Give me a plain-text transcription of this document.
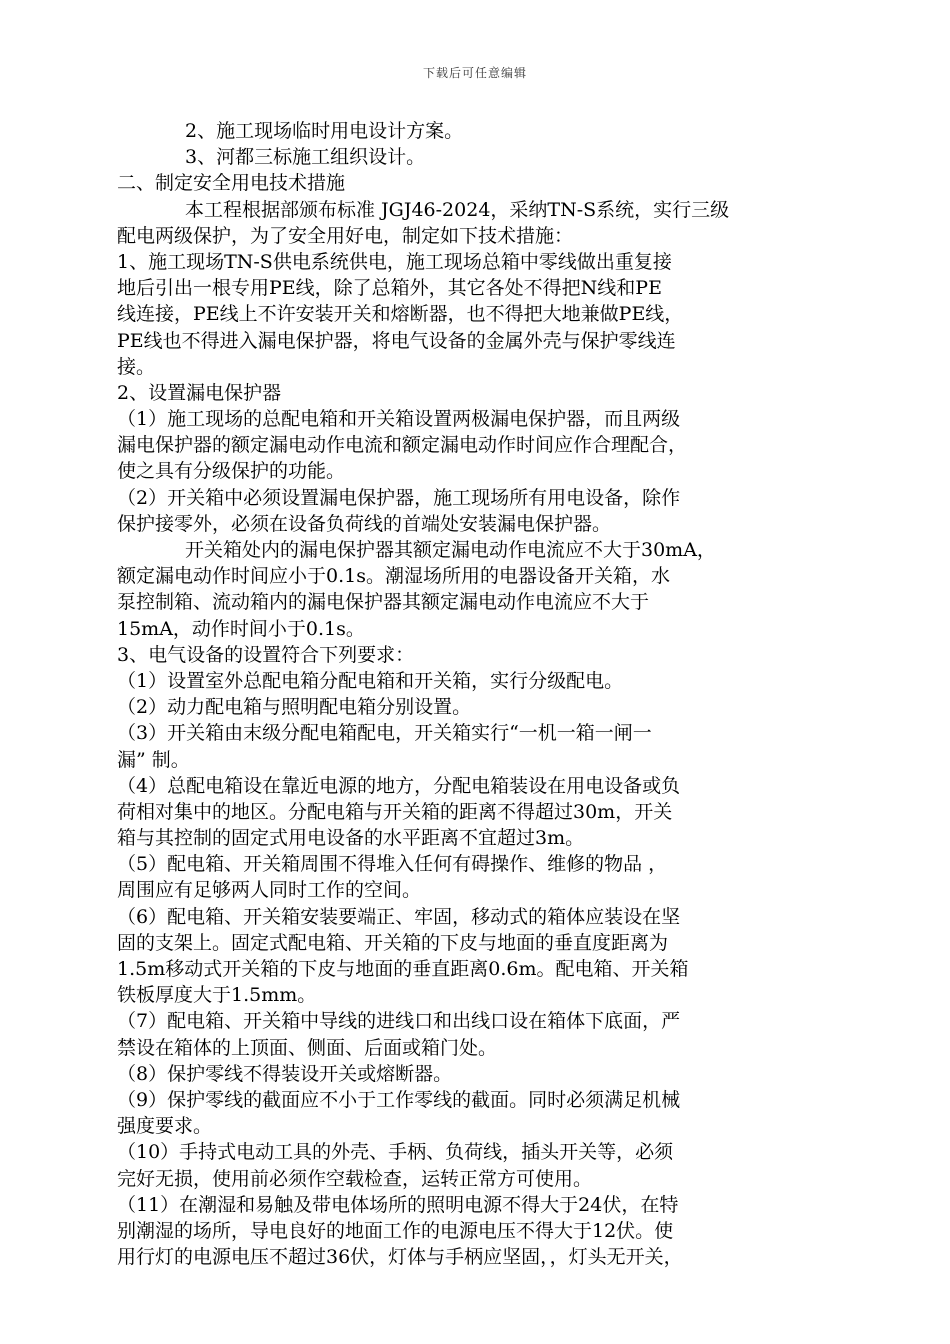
下载后可任意编辑
2、施工现场临时用电设计方案。
3、河都三标施工组织设计。
二、制定安全用电技术措施
本工程根据部颁布标准 JGJ46-2024，采纳TN-S系统，实行三级
配电两级保护，为了安全用好电，制定如下技术措施：
1、施工现场TN-S供电系统供电，施工现场总箱中零线做出重复接
地后引出一根专用PE线，除了总箱外，其它各处不得把N线和PE
线连接，PE线上不许安装开关和熔断器，也不得把大地兼做PE线，
PE线也不得进入漏电保护器，将电气设备的金属外壳与保护零线连
接。
2、设置漏电保护器
（1）施工现场的总配电箱和开关箱设置两极漏电保护器，而且两级
漏电保护器的额定漏电动作电流和额定漏电动作时间应作合理配合，
使之具有分级保护的功能。
（2）开关箱中必须设置漏电保护器，施工现场所有用电设备，除作
保护接零外，必须在设备负荷线的首端处安装漏电保护器。
开关箱处内的漏电保护器其额定漏电动作电流应不大于30mA，
额定漏电动作时间应小于0.1s。潮湿场所用的电器设备开关箱，水
泵控制箱、流动箱内的漏电保护器其额定漏电动作电流应不大于
15mA，动作时间小于0.1s。
3、电气设备的设置符合下列要求：
（1）设置室外总配电箱分配电箱和开关箱，实行分级配电。
（2）动力配电箱与照明配电箱分别设置。
（3）开关箱由末级分配电箱配电，开关箱实行“一机一箱一闸一
漏” 制。
（4）总配电箱设在靠近电源的地方，分配电箱装设在用电设备或负
荷相对集中的地区。分配电箱与开关箱的距离不得超过30m，开关
箱与其控制的固定式用电设备的水平距离不宜超过3m。
（5）配电箱、开关箱周围不得堆入任何有碍操作、维修的物品 ，
周围应有足够两人同时工作的空间。
（6）配电箱、开关箱安装要端正、牢固，移动式的箱体应装设在坚
固的支架上。固定式配电箱、开关箱的下皮与地面的垂直度距离为
1.5m移动式开关箱的下皮与地面的垂直距离0.6m。配电箱、开关箱
铁板厚度大于1.5mm。
（7）配电箱、开关箱中导线的进线口和出线口设在箱体下底面，严
禁设在箱体的上顶面、侧面、后面或箱门处。
（8）保护零线不得装设开关或熔断器。
（9）保护零线的截面应不小于工作零线的截面。同时必须满足机械
强度要求。
（10）手持式电动工具的外壳、手柄、负荷线，插头开关等，必须
完好无损，使用前必须作空载检查，运转正常方可使用。
（11）在潮湿和易触及带电体场所的照明电源不得大于24伏，在特
别潮湿的场所，导电良好的地面工作的电源电压不得大于12伏。使
用行灯的电源电压不超过36伏，灯体与手柄应坚固，，灯头无开关，
